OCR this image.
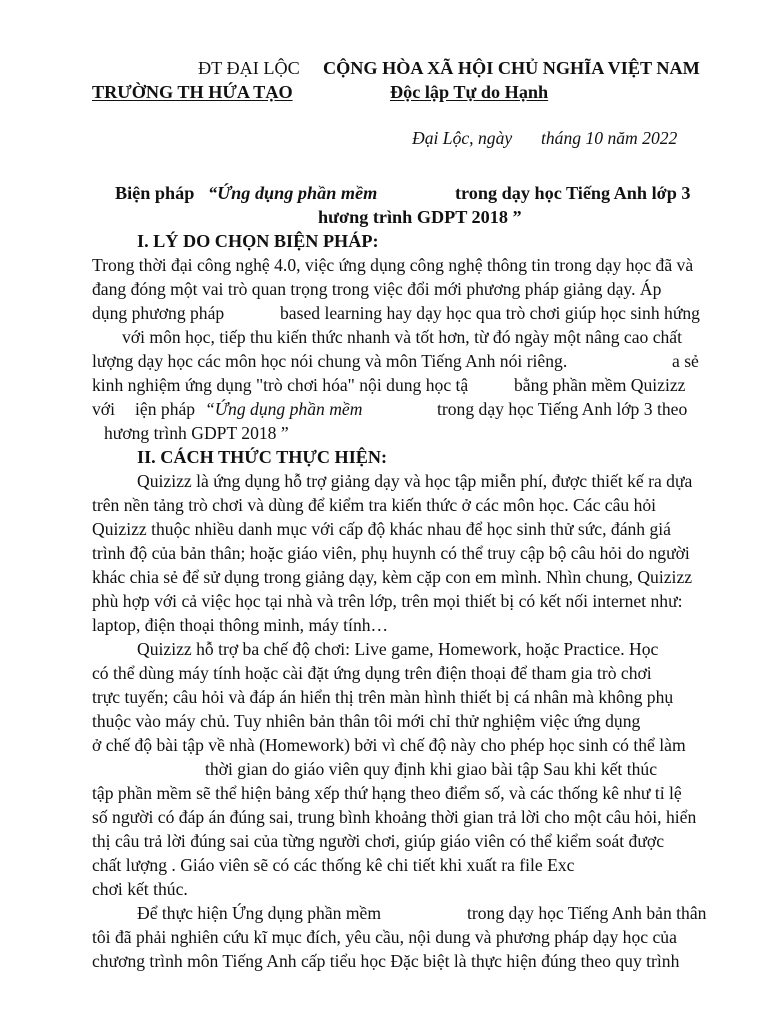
ĐT ĐẠI LỘC CỘNG HÒA XÃ HỘI CHỦ NGHĨA VIỆT NAM
TRƯỜNG TH HỨA TẠO	Độc lập Tự do Hạnh
Đại Lộc, ngày tháng 10 năm 2022
Biện pháp “Ứng dụng phần mềm	trong dạy học Tiếng Anh lớp 3
hương trình GDPT 2018 ”
I. LÝ DO CHỌN BIỆN PHÁP:
Trong thời đại công nghệ 4.0, việc ứng dụng công nghệ thông tin trong dạy học đã và
đang đóng một vai trò quan trọng trong việc đổi mới phương pháp giảng dạy. Áp
dụng phương pháp	based learning hay dạy học qua trò chơi giúp học sinh hứng
với môn học, tiếp thu kiến thức nhanh và tốt hơn, từ đó ngày một nâng cao chất
lượng dạy học các môn học nói chung và môn Tiếng Anh nói riêng.	a sẻ
kinh nghiệm ứng dụng "trò chơi hóa" nội dung học tậ	bằng phần mềm Quizizz
với iện pháp “Ứng dụng phần mềm	trong dạy học Tiếng Anh lớp 3 theo
hương trình GDPT 2018 ”
II. CÁCH THỨC THỰC HIỆN:
Quizizz là ứng dụng hỗ trợ giảng dạy và học tập miễn phí, được thiết kế ra dựa
trên nền tảng trò chơi và dùng để kiểm tra kiến thức ở các môn học. Các câu hỏi
Quizizz thuộc nhiều danh mục với cấp độ khác nhau để học sinh thử sức, đánh giá
trình độ của bản thân; hoặc giáo viên, phụ huynh có thể truy cập bộ câu hỏi do người
khác chia sẻ để sử dụng trong giảng dạy, kèm cặp con em mình. Nhìn chung, Quizizz
phù hợp với cả việc học tại nhà và trên lớp, trên mọi thiết bị có kết nối internet như:
laptop, điện thoại thông minh, máy tính…
Quizizz hỗ trợ ba chế độ chơi: Live game, Homework, hoặc Practice. Học
có thể dùng máy tính hoặc cài đặt ứng dụng trên điện thoại để tham gia trò chơi
trực tuyến; câu hỏi và đáp án hiển thị trên màn hình thiết bị cá nhân mà không phụ
thuộc vào máy chủ. Tuy nhiên bản thân tôi mới chỉ thử nghiệm việc ứng dụng
ở chế độ bài tập về nhà (Homework) bởi vì chế độ này cho phép học sinh có thể làm
thời gian do giáo viên quy định khi giao bài tập Sau khi kết thúc
tập phần mềm sẽ thể hiện bảng xếp thứ hạng theo điểm số, và các thống kê như tỉ lệ
số người có đáp án đúng sai, trung bình khoảng thời gian trả lời cho một câu hỏi, hiển
thị câu trả lời đúng sai của từng người chơi, giúp giáo viên có thể kiểm soát được
chất lượng . Giáo viên sẽ có các thống kê chi tiết khi xuất ra file Exc
chơi kết thúc.
Để thực hiện Ứng dụng phần mềm	trong dạy học Tiếng Anh bản thân
tôi đã phải nghiên cứu kĩ mục đích, yêu cầu, nội dung và phương pháp dạy học của
chương trình môn Tiếng Anh cấp tiểu học Đặc biệt là thực hiện đúng theo quy trình
